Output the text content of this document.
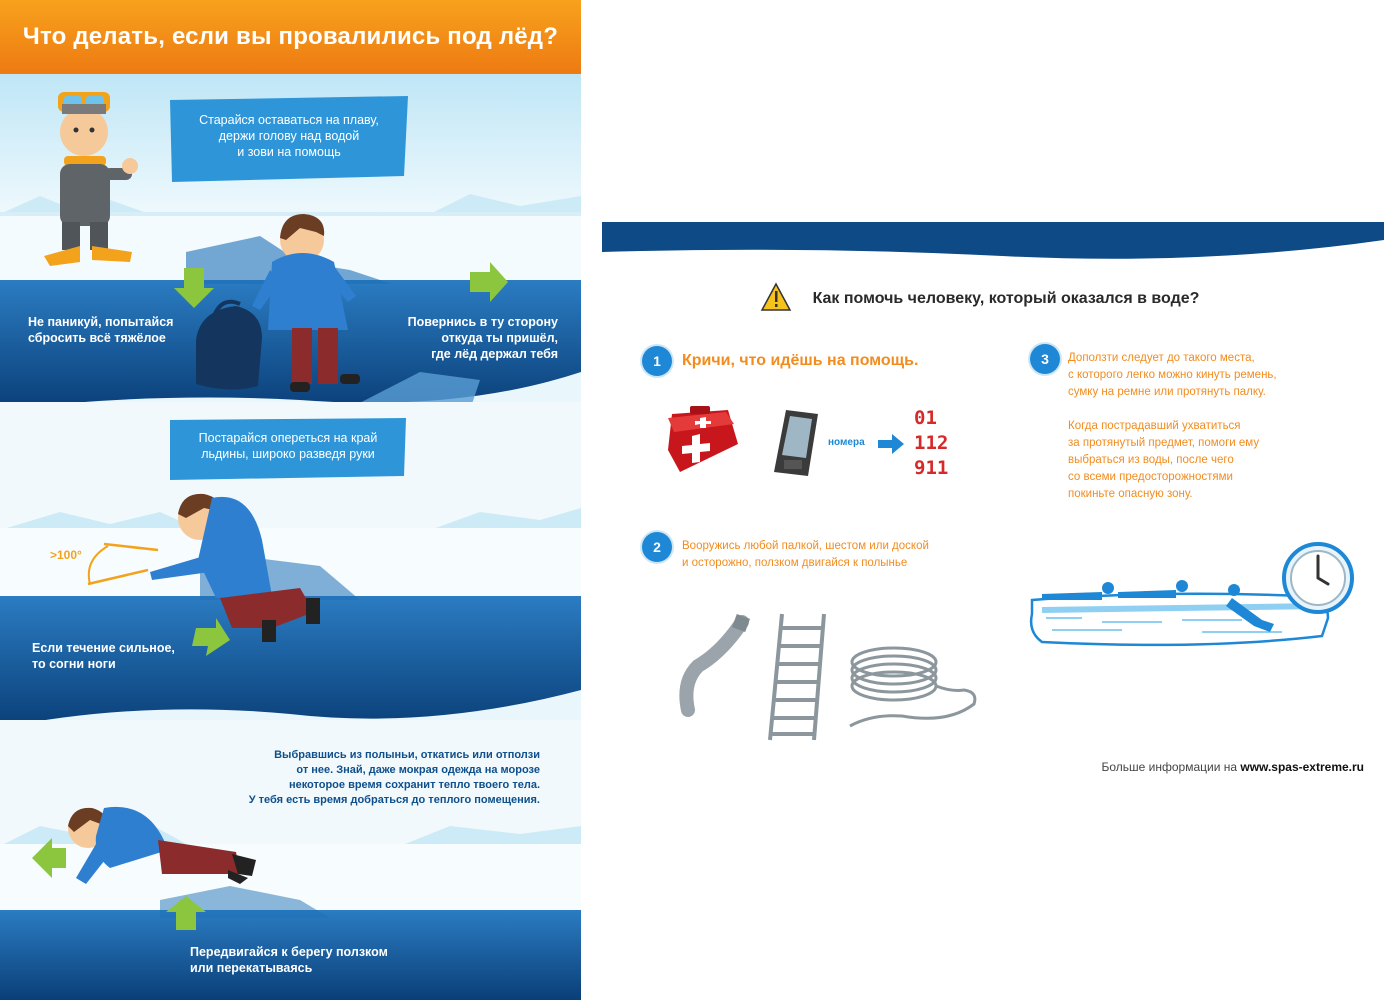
Что делать, если вы провалились под лёд?
Старайся оставаться на плаву,
держи голову над водой
и зови на помощь
Не паникуй, попытайся
сбросить всё тяжёлое
Повернись в ту сторону
откуда ты пришёл,
где лёд держал тебя
Постарайся опереться на край
льдины, широко разведя руки
>100°
Если течение сильное,
то согни ноги
Выбравшись из полыньи, откатись или отползи
от нее. Знай, даже мокрая одежда на морозе
некоторое время сохранит тепло твоего тела.
У тебя есть время добраться до теплого помещения.
Передвигайся к берегу ползком
или перекатываясь
Как помочь человеку, который оказался в воде?
1	Кричи, что идёшь на помощь.
номера
01
112
911
2	Вооружись любой палкой, шестом или доской
и осторожно, ползком двигайся к полынье
3	Доползти следует до такого места,
с которого легко можно кинуть ремень,
сумку на ремне или протянуть палку.
Когда пострадавший ухватиться
за протянутый предмет, помоги ему
выбраться из воды, после чего
со всеми предосторожностями
покиньте опасную зону.
Больше информации на www.spas-extreme.ru
